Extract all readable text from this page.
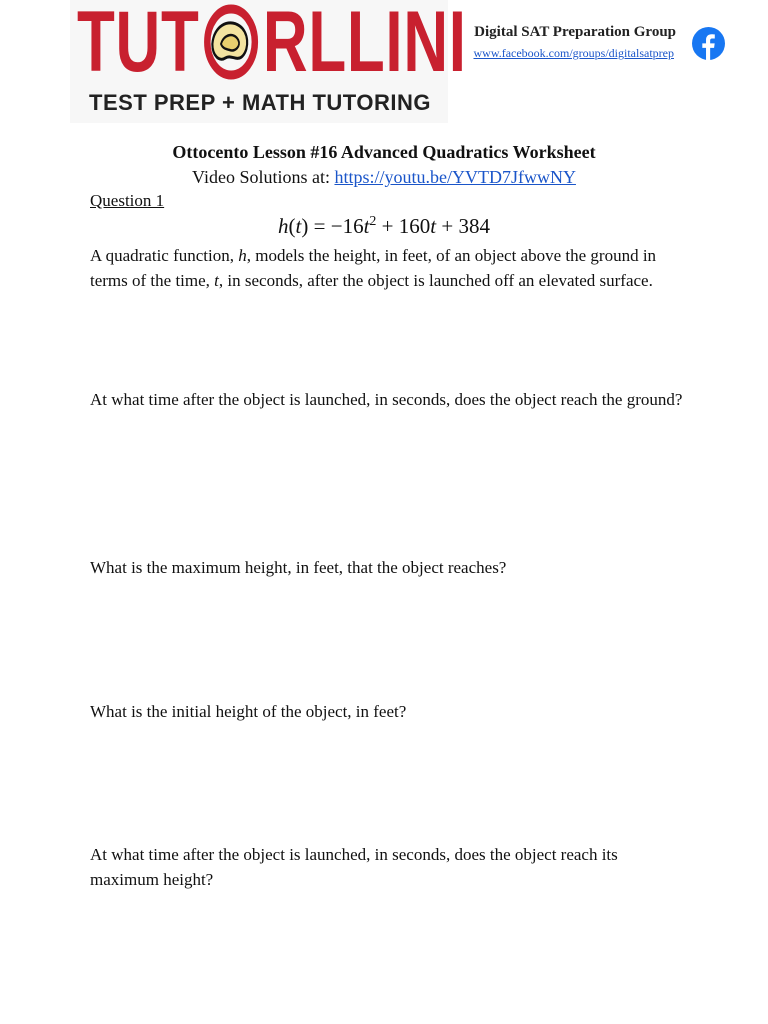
TUT RLLINI
TEST PREP + MATH TUTORING
Digital SAT Preparation Group
www.facebook.com/groups/digitalsatprep
Ottocento Lesson #16 Advanced Quadratics Worksheet
Video Solutions at: https://youtu.be/YVTD7JfwwNY
Question 1
$h(t) = -16t^2 + 160t + 384$
A quadratic function, h, models the height, in feet, of an object above the ground in terms of the time, t, in seconds, after the object is launched off an elevated surface.
At what time after the object is launched, in seconds, does the object reach the ground?
What is the maximum height, in feet, that the object reaches?
What is the initial height of the object, in feet?
At what time after the object is launched, in seconds, does the object reach its maximum height?
